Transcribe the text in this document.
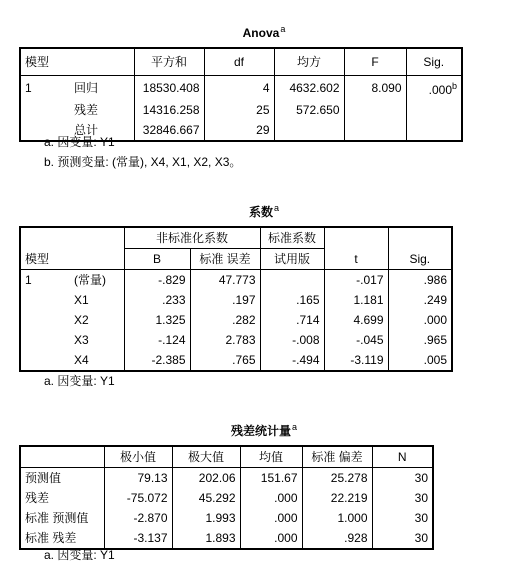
Anova$^a$
模型		平方和	df	均方	F	Sig.
1	回归	18530.408	4	4632.602	8.090	.000$^b$
	残差	14316.258	25	572.650		
	总计	32846.667	29			
a. 因变量: Y1
b. 预测变量: (常量), X4, X1, X2, X3。
系数$^a$
模型		非标准化系数		标准系数	t	Sig.
		B	标准 误差	试用版		
1	(常量)	-.829	47.773		-.017	.986
	X1	.233	.197	.165	1.181	.249
	X2	1.325	.282	.714	4.699	.000
	X3	-.124	2.783	-.008	-.045	.965
	X4	-2.385	.765	-.494	-3.119	.005
a. 因变量: Y1
残差统计量$^a$
	极小值	极大值	均值	标准 偏差	N
预测值	79.13	202.06	151.67	25.278	30
残差	-75.072	45.292	.000	22.219	30
标准 预测值	-2.870	1.993	.000	1.000	30
标准 残差	-3.137	1.893	.000	.928	30
a. 因变量: Y1
